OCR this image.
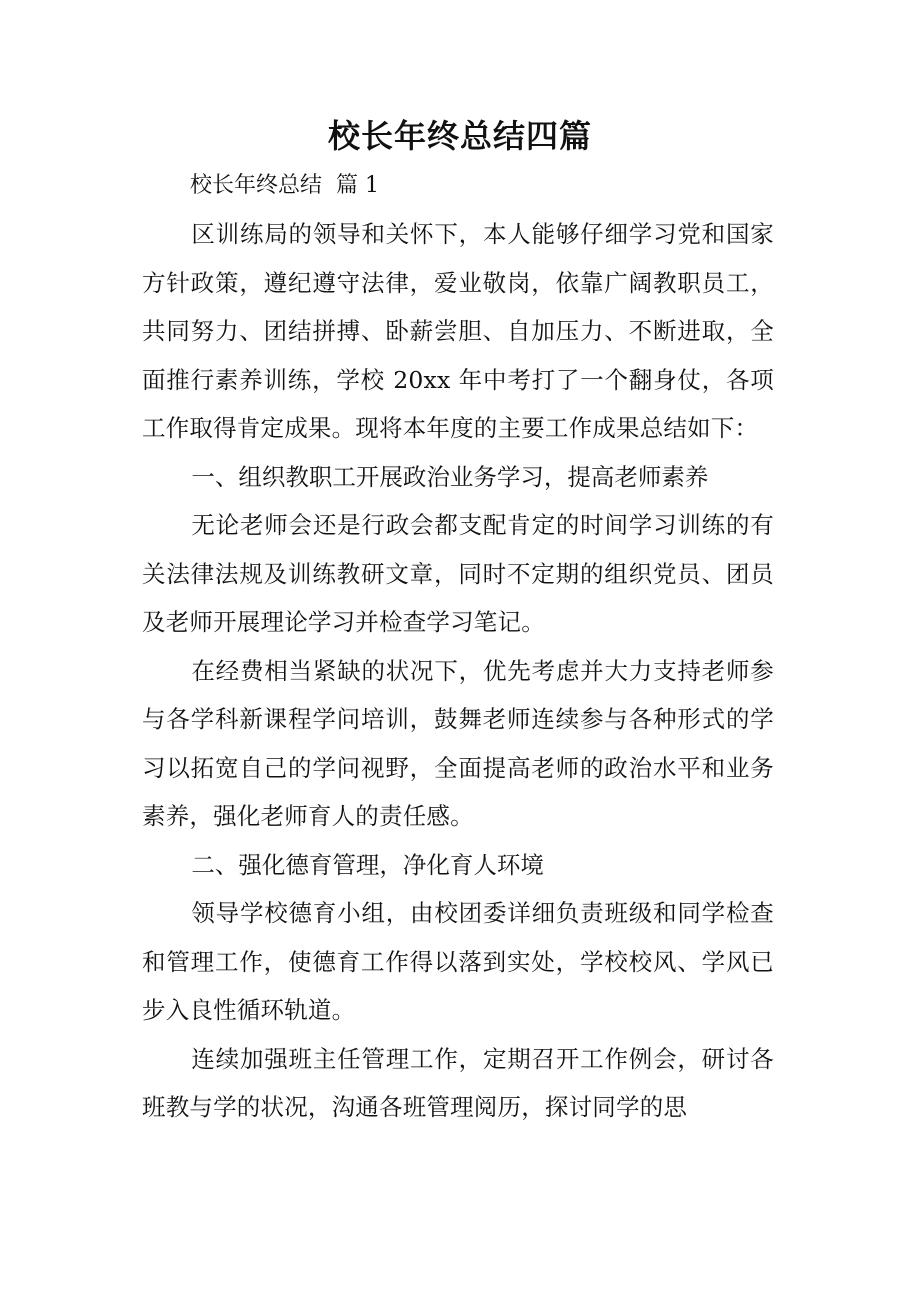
校长年终总结四篇

校长年终总结  篇 1

区训练局的领导和关怀下，本人能够仔细学习党和国家方针政策，遵纪遵守法律，爱业敬岗，依靠广阔教职员工，共同努力、团结拼搏、卧薪尝胆、自加压力、不断进取，全面推行素养训练，学校 20xx 年中考打了一个翻身仗，各项工作取得肯定成果。现将本年度的主要工作成果总结如下：

一、组织教职工开展政治业务学习，提高老师素养

无论老师会还是行政会都支配肯定的时间学习训练的有关法律法规及训练教研文章，同时不定期的组织党员、团员及老师开展理论学习并检查学习笔记。

在经费相当紧缺的状况下，优先考虑并大力支持老师参与各学科新课程学问培训，鼓舞老师连续参与各种形式的学习以拓宽自己的学问视野，全面提高老师的政治水平和业务素养，强化老师育人的责任感。

二、强化德育管理，净化育人环境

领导学校德育小组，由校团委详细负责班级和同学检查和管理工作，使德育工作得以落到实处，学校校风、学风已步入良性循环轨道。

连续加强班主任管理工作，定期召开工作例会，研讨各班教与学的状况，沟通各班管理阅历，探讨同学的思
